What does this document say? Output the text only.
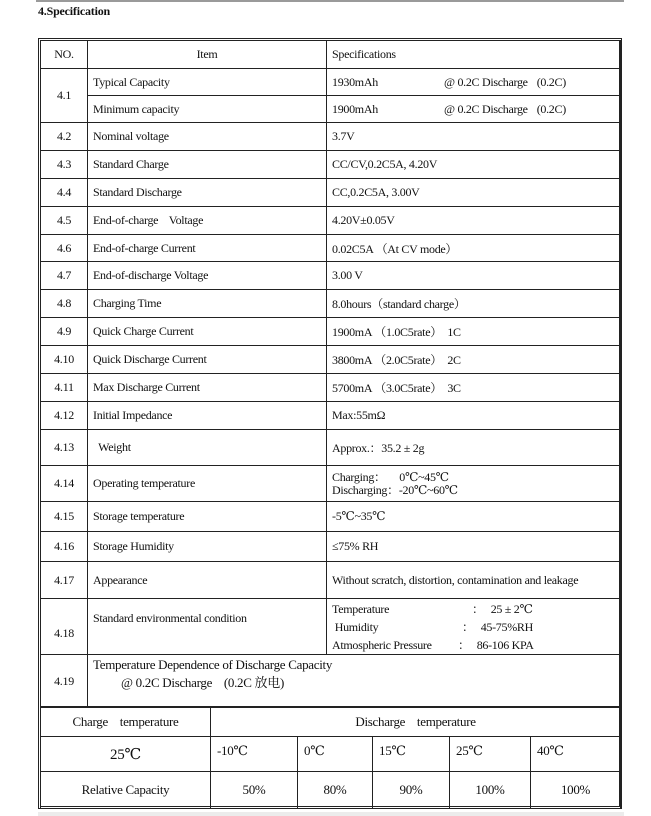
4.Specification
NO.	Item	Specifications
4.1	Typical Capacity	1930mAh @ 0.2C Discharge (0.2C)
	Minimum capacity	1900mAh @ 0.2C Discharge (0.2C)
4.2	Nominal voltage	3.7V
4.3	Standard Charge	CC/CV,0.2C5A, 4.20V
4.4	Standard Discharge	CC,0.2C5A, 3.00V
4.5	End-of-charge    Voltage	4.20V±0.05V
4.6	End-of-charge Current	0.02C5A （At CV mode）
4.7	End-of-discharge Voltage	3.00 V
4.8	Charging Time	8.0hours（standard charge）
4.9	Quick Charge Current	1900mA （1.0C5rate）  1C
4.10	Quick Discharge Current	3800mA （2.0C5rate）  2C
4.11	Max Discharge Current	5700mA （3.0C5rate）  3C
4.12	Initial Impedance	Max:55mΩ
4.13	Weight	Approx.：35.2 ± 2g
4.14	Operating temperature	Charging：     0℃~45℃
Discharging：-20℃~60℃

4.15	Storage temperature	-5℃~35℃
4.16	Storage Humidity	≤75% RH
4.17	Appearance	Without scratch, distortion, contamination and leakage
4.18	Standard environmental condition	Temperature ： 25 ± 2℃
Humidity ： 45-75%RH
Atmospheric Pressure ： 86-106 KPA

4.19	Temperature Dependence of Discharge Capacity
@ 0.2C Discharge    (0.2C 放电)	
Charge    temperature	Discharge    temperature				
25℃	-10℃	0℃	15℃	25℃	40℃
Relative Capacity	50%	80%	90%	100%	100%
